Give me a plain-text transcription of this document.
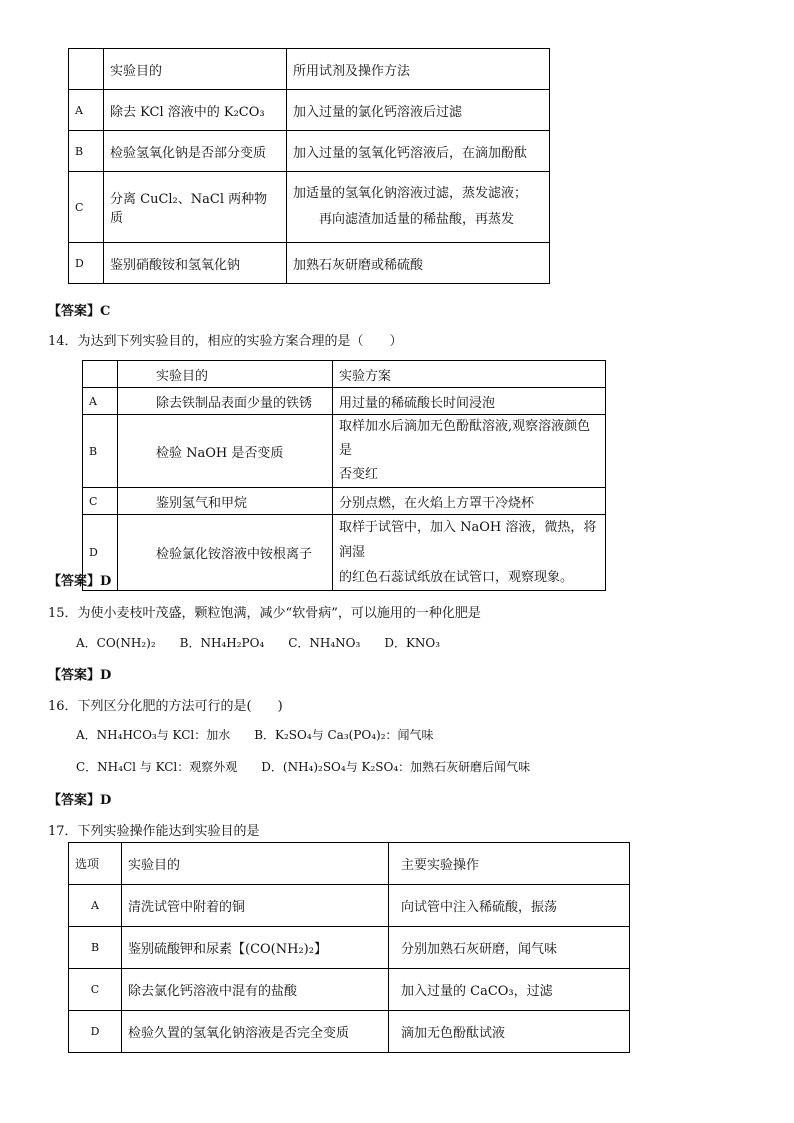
	实验目的	所用试剂及操作方法
A	除去 KCl 溶液中的 K₂CO₃	加入过量的氯化钙溶液后过滤
B	检验氢氧化钠是否部分变质	加入过量的氢氧化钙溶液后，在滴加酚酞
C	分离 CuCl₂、NaCl 两种物质	加适量的氢氧化钠溶液过滤，蒸发滤液；
再向滤渣加适量的稀盐酸，再蒸发

D	鉴别硝酸铵和氢氧化钠	加熟石灰研磨或稀硫酸
【答案】C
14．为达到下列实验目的，相应的实验方案合理的是（　　）
	实验目的	实验方案
A	除去铁制品表面少量的铁锈	用过量的稀硫酸长时间浸泡
B	检验 NaOH 是否变质	取样加水后滴加无色酚酞溶液,观察溶液颜色是
否变红

C	鉴别氢气和甲烷	分别点燃，在火焰上方罩干冷烧杯
D	检验氯化铵溶液中铵根离子	取样于试管中，加入 NaOH 溶液，微热，将润湿
的红色石蕊试纸放在试管口，观察现象。
【答案】D
15．为使小麦枝叶茂盛，颗粒饱满，减少“软骨病”，可以施用的一种化肥是
A．CO(NH₂)₂　　B．NH₄H₂PO₄　　C．NH₄NO₃　　D．KNO₃
【答案】D
16．下列区分化肥的方法可行的是(　　)
A．NH₄HCO₃与 KCl：加水　　B．K₂SO₄与 Ca₃(PO₄)₂：闻气味
C．NH₄Cl 与 KCl：观察外观　　D．(NH₄)₂SO₄与 K₂SO₄：加熟石灰研磨后闻气味
【答案】D
17．下列实验操作能达到实验目的是
选项	实验目的	主要实验操作
A	清洗试管中附着的铜	向试管中注入稀硫酸，振荡
B	鉴别硫酸钾和尿素【(CO(NH₂)₂】	分别加熟石灰研磨，闻气味
C	除去氯化钙溶液中混有的盐酸	加入过量的 CaCO₃，过滤
D	检验久置的氢氧化钠溶液是否完全变质	滴加无色酚酞试液
